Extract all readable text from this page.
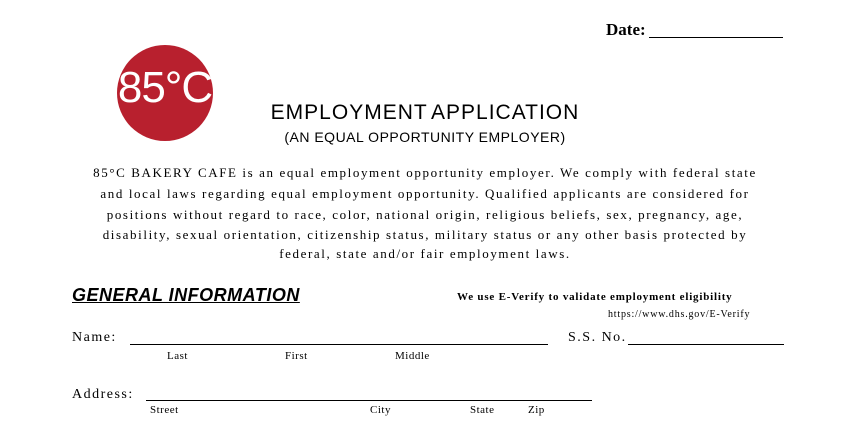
85°C
Date:
EMPLOYMENT APPLICATION
(AN EQUAL OPPORTUNITY EMPLOYER)
85°C BAKERY CAFE is an equal employment opportunity employer. We comply with federal state
and local laws regarding equal employment opportunity. Qualified applicants are considered for
positions without regard to race, color, national origin, religious beliefs, sex, pregnancy, age,
disability, sexual orientation, citizenship status, military status or any other basis protected by
federal, state and/or fair employment laws.
GENERAL INFORMATION	We use E-Verify to validate employment eligibility
https://www.dhs.gov/E-Verify
Name:	S.S. No.
Last	First	Middle
Address:
Street	City	State	Zip
